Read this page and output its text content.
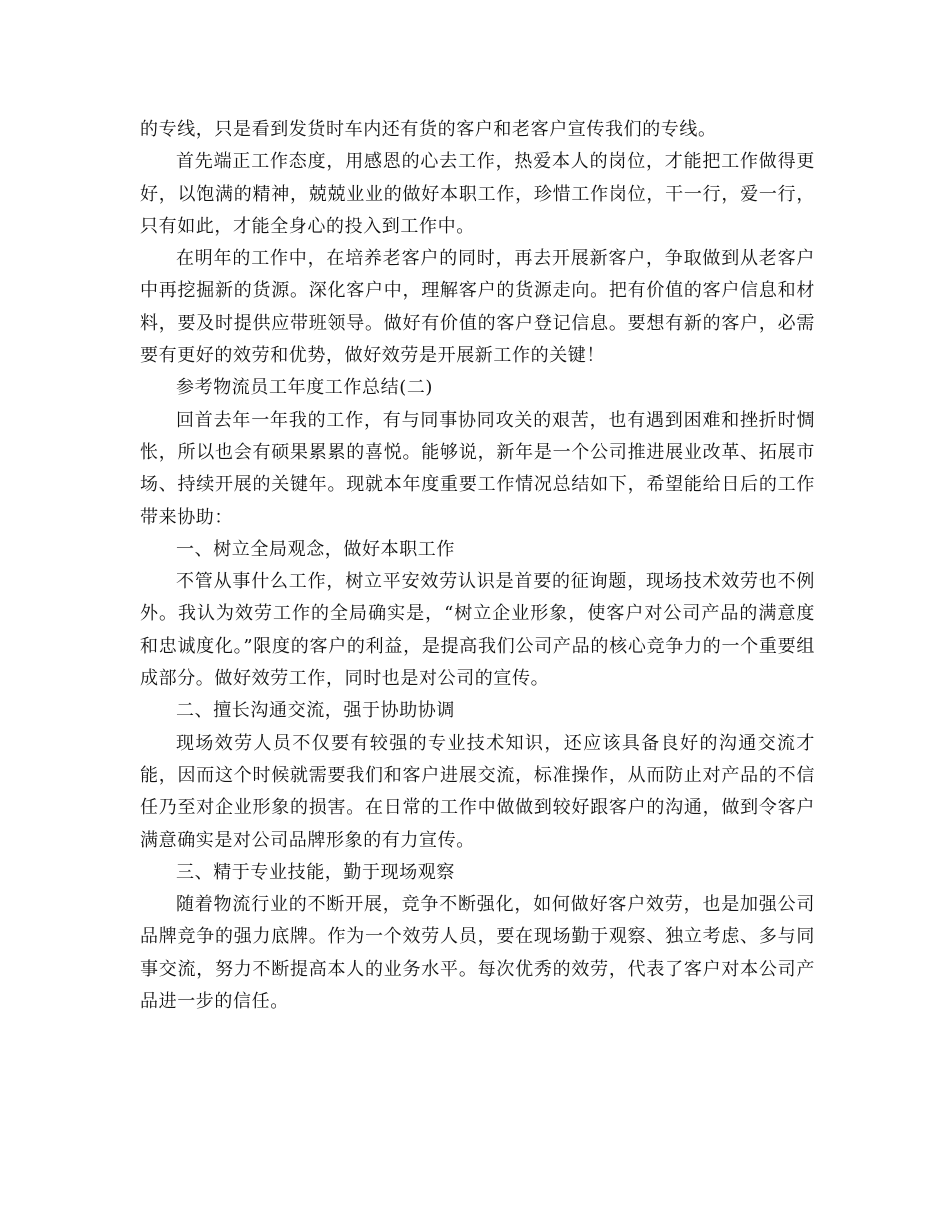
的专线，只是看到发货时车内还有货的客户和老客户宣传我们的专线。

首先端正工作态度，用感恩的心去工作，热爱本人的岗位，才能把工作做得更好，以饱满的精神，兢兢业业的做好本职工作，珍惜工作岗位，干一行，爱一行，只有如此，才能全身心的投入到工作中。

在明年的工作中，在培养老客户的同时，再去开展新客户，争取做到从老客户中再挖掘新的货源。深化客户中，理解客户的货源走向。把有价值的客户信息和材料，要及时提供应带班领导。做好有价值的客户登记信息。要想有新的客户，必需要有更好的效劳和优势，做好效劳是开展新工作的关键！

参考物流员工年度工作总结(二)

回首去年一年我的工作，有与同事协同攻关的艰苦，也有遇到困难和挫折时惆怅，所以也会有硕果累累的喜悦。能够说，新年是一个公司推进展业改革、拓展市场、持续开展的关键年。现就本年度重要工作情况总结如下，希望能给日后的工作带来协助：

一、树立全局观念，做好本职工作

不管从事什么工作，树立平安效劳认识是首要的征询题，现场技术效劳也不例外。我认为效劳工作的全局确实是，“树立企业形象，使客户对公司产品的满意度和忠诚度化。”限度的客户的利益，是提高我们公司产品的核心竞争力的一个重要组成部分。做好效劳工作，同时也是对公司的宣传。

二、擅长沟通交流，强于协助协调

现场效劳人员不仅要有较强的专业技术知识，还应该具备良好的沟通交流才能，因而这个时候就需要我们和客户进展交流，标准操作，从而防止对产品的不信任乃至对企业形象的损害。在日常的工作中做做到较好跟客户的沟通，做到令客户满意确实是对公司品牌形象的有力宣传。

三、精于专业技能，勤于现场观察

随着物流行业的不断开展，竞争不断强化，如何做好客户效劳，也是加强公司品牌竞争的强力底牌。作为一个效劳人员，要在现场勤于观察、独立考虑、多与同事交流，努力不断提高本人的业务水平。每次优秀的效劳，代表了客户对本公司产品进一步的信任。
